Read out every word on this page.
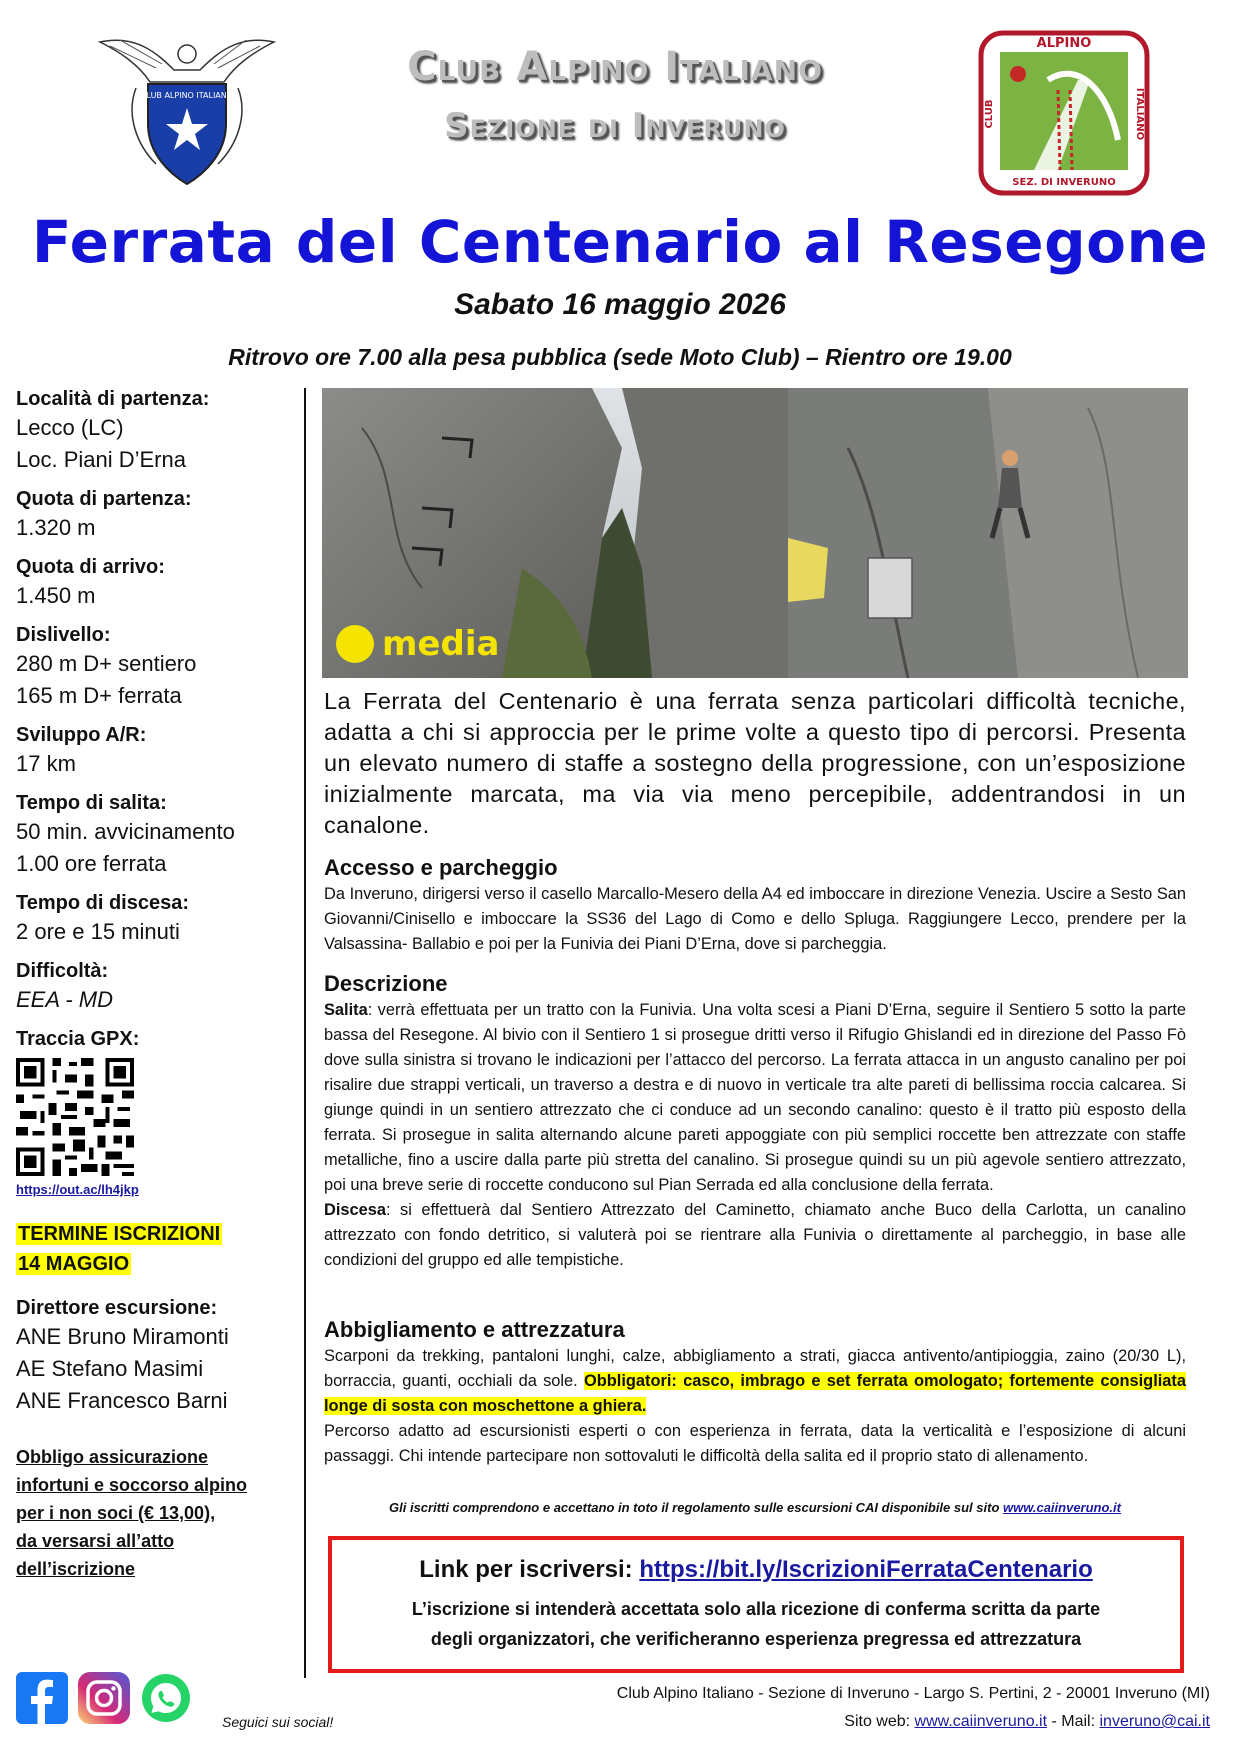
CLUB ALPINO ITALIANO
Club Alpino Italiano
Sezione di Inveruno
ALPINO
CLUB	ITALIANO
SEZ. DI INVERUNO
Ferrata del Centenario al Resegone
Sabato 16 maggio 2026
Ritrovo ore 7.00 alla pesa pubblica (sede Moto Club) – Rientro ore 19.00
Località di partenza:
Lecco (LC)
Loc. Piani D’Erna
Quota di partenza:
1.320 m
Quota di arrivo:
1.450 m
Dislivello:
280 m D+ sentiero
165 m D+ ferrata
Sviluppo A/R:
17 km
Tempo di salita:
50 min. avvicinamento
1.00 ore ferrata
Tempo di discesa:
2 ore e 15 minuti
Difficoltà:
EEA - MD
Traccia GPX:
https://out.ac/lh4jkp
TERMINE ISCRIZIONI
14 MAGGIO
Direttore escursione:
ANE Bruno Miramonti
AE Stefano Masimi
ANE Francesco Barni
Obbligo assicurazione
infortuni e soccorso alpino
per i non soci (€ 13,00),
da versarsi all’atto
dell’iscrizione
media
La Ferrata del Centenario è una ferrata senza particolari difficoltà tecniche, adatta a chi si approccia per le prime volte a questo tipo di percorsi. Presenta un elevato numero di staffe a sostegno della progressione, con un’esposizione inizialmente marcata, ma via via meno percepibile, addentrandosi in un canalone.
Accesso e parcheggio
Da Inveruno, dirigersi verso il casello Marcallo-Mesero della A4 ed imboccare in direzione Venezia. Uscire a Sesto San Giovanni/Cinisello e imboccare la SS36 del Lago di Como e dello Spluga. Raggiungere Lecco, prendere per la Valsassina- Ballabio e poi per la Funivia dei Piani D’Erna, dove si parcheggia.
Descrizione
Salita: verrà effettuata per un tratto con la Funivia. Una volta scesi a Piani D’Erna, seguire il Sentiero 5 sotto la parte bassa del Resegone. Al bivio con il Sentiero 1 si prosegue dritti verso il Rifugio Ghislandi ed in direzione del Passo Fò dove sulla sinistra si trovano le indicazioni per l’attacco del percorso. La ferrata attacca in un angusto canalino per poi risalire due strappi verticali, un traverso a destra e di nuovo in verticale tra alte pareti di bellissima roccia calcarea. Si giunge quindi in un sentiero attrezzato che ci conduce ad un secondo canalino: questo è il tratto più esposto della ferrata. Si prosegue in salita alternando alcune pareti appoggiate con più semplici roccette ben attrezzate con staffe metalliche, fino a uscire dalla parte più stretta del canalino. Si prosegue quindi su un più agevole sentiero attrezzato, poi una breve serie di roccette conducono sul Pian Serrada ed alla conclusione della ferrata.
Discesa: si effettuerà dal Sentiero Attrezzato del Caminetto, chiamato anche Buco della Carlotta, un canalino attrezzato con fondo detritico, si valuterà poi se rientrare alla Funivia o direttamente al parcheggio, in base alle condizioni del gruppo ed alle tempistiche.
Abbigliamento e attrezzatura
Scarponi da trekking, pantaloni lunghi, calze, abbigliamento a strati, giacca antivento/antipioggia, zaino (20/30 L), borraccia, guanti, occhiali da sole. Obbligatori: casco, imbrago e set ferrata omologato; fortemente consigliata longe di sosta con moschettone a ghiera.
Percorso adatto ad escursionisti esperti o con esperienza in ferrata, data la verticalità e l’esposizione di alcuni passaggi. Chi intende partecipare non sottovaluti le difficoltà della salita ed il proprio stato di allenamento.
Gli iscritti comprendono e accettano in toto il regolamento sulle escursioni CAI disponibile sul sito www.caiinveruno.it
Link per iscriversi: https://bit.ly/IscrizioniFerrataCentenario
L’iscrizione si intenderà accettata solo alla ricezione di conferma scritta da parte
degli organizzatori, che verificheranno esperienza pregressa ed attrezzatura
Seguici sui social!
Club Alpino Italiano - Sezione di Inveruno - Largo S. Pertini, 2 - 20001 Inveruno (MI)
Sito web: www.caiinveruno.it - Mail: inveruno@cai.it
